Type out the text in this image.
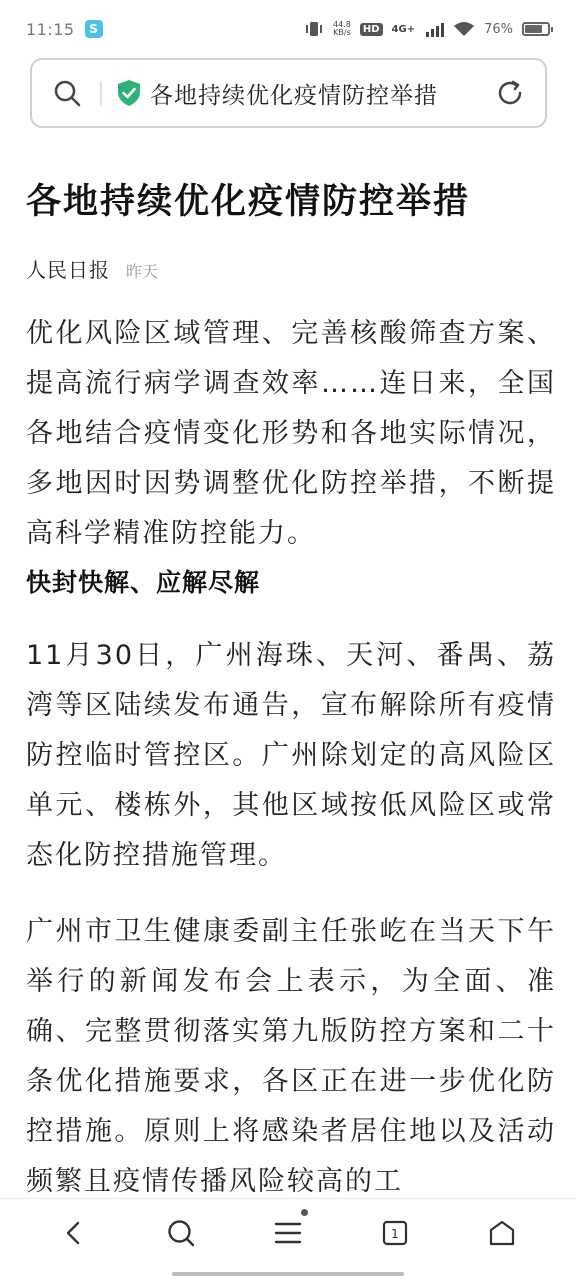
11:15	S	44.8
KB/s	HD	4G+	76%
各地持续优化疫情防控举措
各地持续优化疫情防控举措
人民日报 昨天

优化风险区域管理、完善核酸筛查方案、提高流行病学调查效率……连日来，全国各地结合疫情变化形势和各地实际情况，多地因时因势调整优化防控举措，不断提高科学精准防控能力。

快封快解、应解尽解

11月30日，广州海珠、天河、番禺、荔湾等区陆续发布通告，宣布解除所有疫情防控临时管控区。广州除划定的高风险区单元、楼栋外，其他区域按低风险区或常态化防控措施管理。

广州市卫生健康委副主任张屹在当天下午举行的新闻发布会上表示，为全面、准确、完整贯彻落实第九版防控方案和二十条优化措施要求，各区正在进一步优化防控措施。原则上将感染者居住地以及活动频繁且疫情传播风险较高的工

1
